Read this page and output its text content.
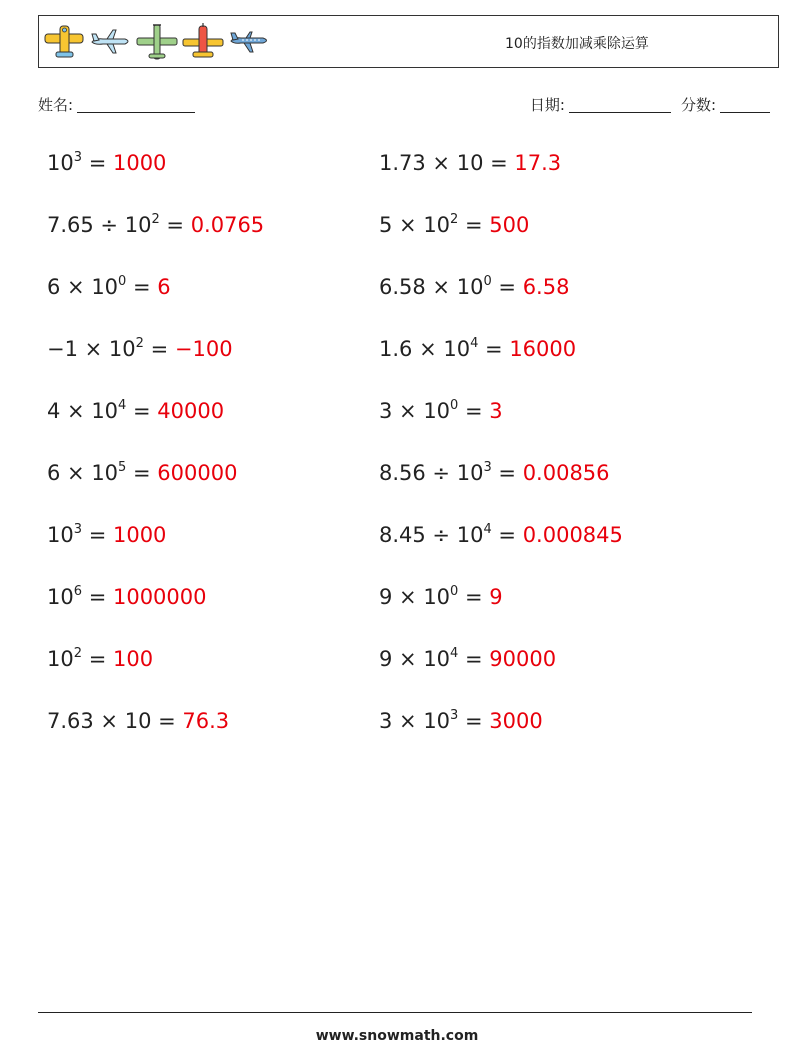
10的指数加减乘除运算
姓名:	日期:	分数:
$10^3 = 1000$
$7.65 \div 10^2 = 0.0765$
$6 \times 10^0 = 6$
$-1 \times 10^2 = -100$
$4 \times 10^4 = 40000$
$6 \times 10^5 = 600000$
$10^3 = 1000$
$10^6 = 1000000$
$10^2 = 100$
7.63 × 10 = 76.3
1.73 × 10 = 17.3
$5 \times 10^2 = 500$
$6.58 \times 10^0 = 6.58$
$1.6 \times 10^4 = 16000$
$3 \times 10^0 = 3$
$8.56 \div 10^3 = 0.00856$
$8.45 \div 10^4 = 0.000845$
$9 \times 10^0 = 9$
$9 \times 10^4 = 90000$
$3 \times 10^3 = 3000$
www.snowmath.com
